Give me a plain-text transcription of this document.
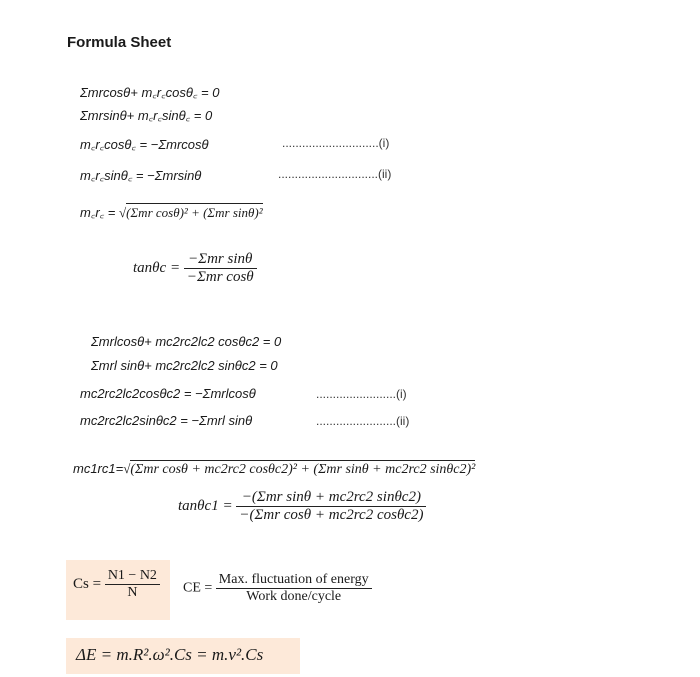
Formula Sheet
Σmrcosθ+ m꜀r꜀cosθ꜀ = 0
Σmrsinθ+ m꜀r꜀sinθ꜀ = 0
m꜀r꜀cosθ꜀ = −Σmrcosθ	.............................(i)
m꜀r꜀sinθ꜀ = −Σmrsinθ	..............................(ii)
m꜀r꜀ = √(Σmr cosθ)² + (Σmr sinθ)²
$\tan\theta c = \frac{\text{−Σmr sinθ}}{\text{−Σmr cosθ}}$
Σmrlcosθ+ mc2rc2lc2 cosθc2 = 0
Σmrl sinθ+ mc2rc2lc2 sinθc2 = 0
mc2rc2lc2cosθc2 = −Σmrlcosθ	........................(i)
mc2rc2lc2sinθc2 = −Σmrl sinθ	........................(ii)
mc1rc1=√(Σmr cosθ + mc2rc2 cosθc2)² + (Σmr sinθ + mc2rc2 sinθc2)²
$\tan\theta c1 = \frac{\text{−(Σmr sinθ + mc2rc2 sinθc2)}}{\text{−(Σmr cosθ + mc2rc2 cosθc2)}}$
$Cs = \frac{N1 - N2}{N}$ CE = $\frac{\text{Max. fluctuation of energy}}{\text{Work done/cycle}}$
ΔE = m.R².ω².Cs = m.v².Cs
